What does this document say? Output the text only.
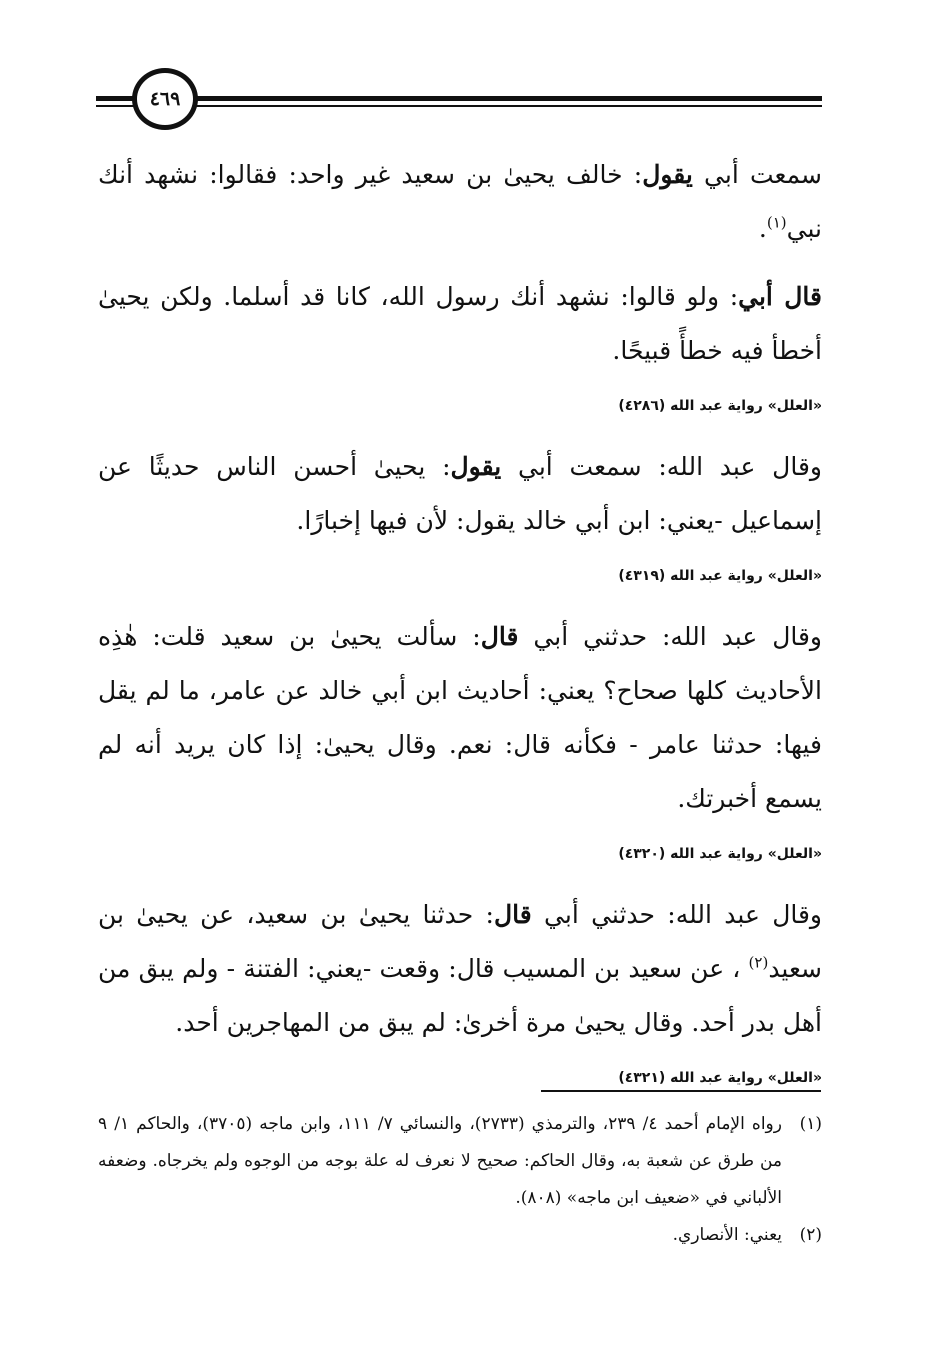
٤٦٩

سمعت أبي يقول: خالف يحيىٰ بن سعيد غير واحد: فقالوا: نشهد أنك نبي$^{(١)}$.

قال أبي: ولو قالوا: نشهد أنك رسول الله، كانا قد أسلما. ولكن يحيىٰ أخطأ فيه خطأً قبيحًا.

«العلل» رواية عبد الله (٤٢٨٦)

وقال عبد الله: سمعت أبي يقول: يحيىٰ أحسن الناس حديثًا عن إسماعيل -يعني: ابن أبي خالد يقول: لأن فيها إخبارًا.

«العلل» رواية عبد الله (٤٣١٩)

وقال عبد الله: حدثني أبي قال: سألت يحيىٰ بن سعيد قلت: هٰذِه الأحاديث كلها صحاح؟ يعني: أحاديث ابن أبي خالد عن عامر، ما لم يقل فيها: حدثنا عامر - فكأنه قال: نعم. وقال يحيىٰ: إذا كان يريد أنه لم يسمع أخبرتك.

«العلل» رواية عبد الله (٤٣٢٠)

وقال عبد الله: حدثني أبي قال: حدثنا يحيىٰ بن سعيد، عن يحيىٰ بن سعيد$^{(٢)}$ ، عن سعيد بن المسيب قال: وقعت -يعني: الفتنة - ولم يبق من أهل بدر أحد. وقال يحيىٰ مرة أخرىٰ: لم يبق من المهاجرين أحد.

«العلل» رواية عبد الله (٤٣٢١)

(١)
رواه الإمام أحمد ٤/ ٢٣٩، والترمذي (٢٧٣٣)، والنسائي ٧/ ١١١، وابن ماجه (٣٧٠٥)، والحاكم ١/ ٩ من طرق عن شعبة به، وقال الحاكم: صحيح لا نعرف له علة بوجه من الوجوه ولم يخرجاه. وضعفه الألباني في «ضعيف ابن ماجه» (٨٠٨).

(٢)
يعني: الأنصاري.
